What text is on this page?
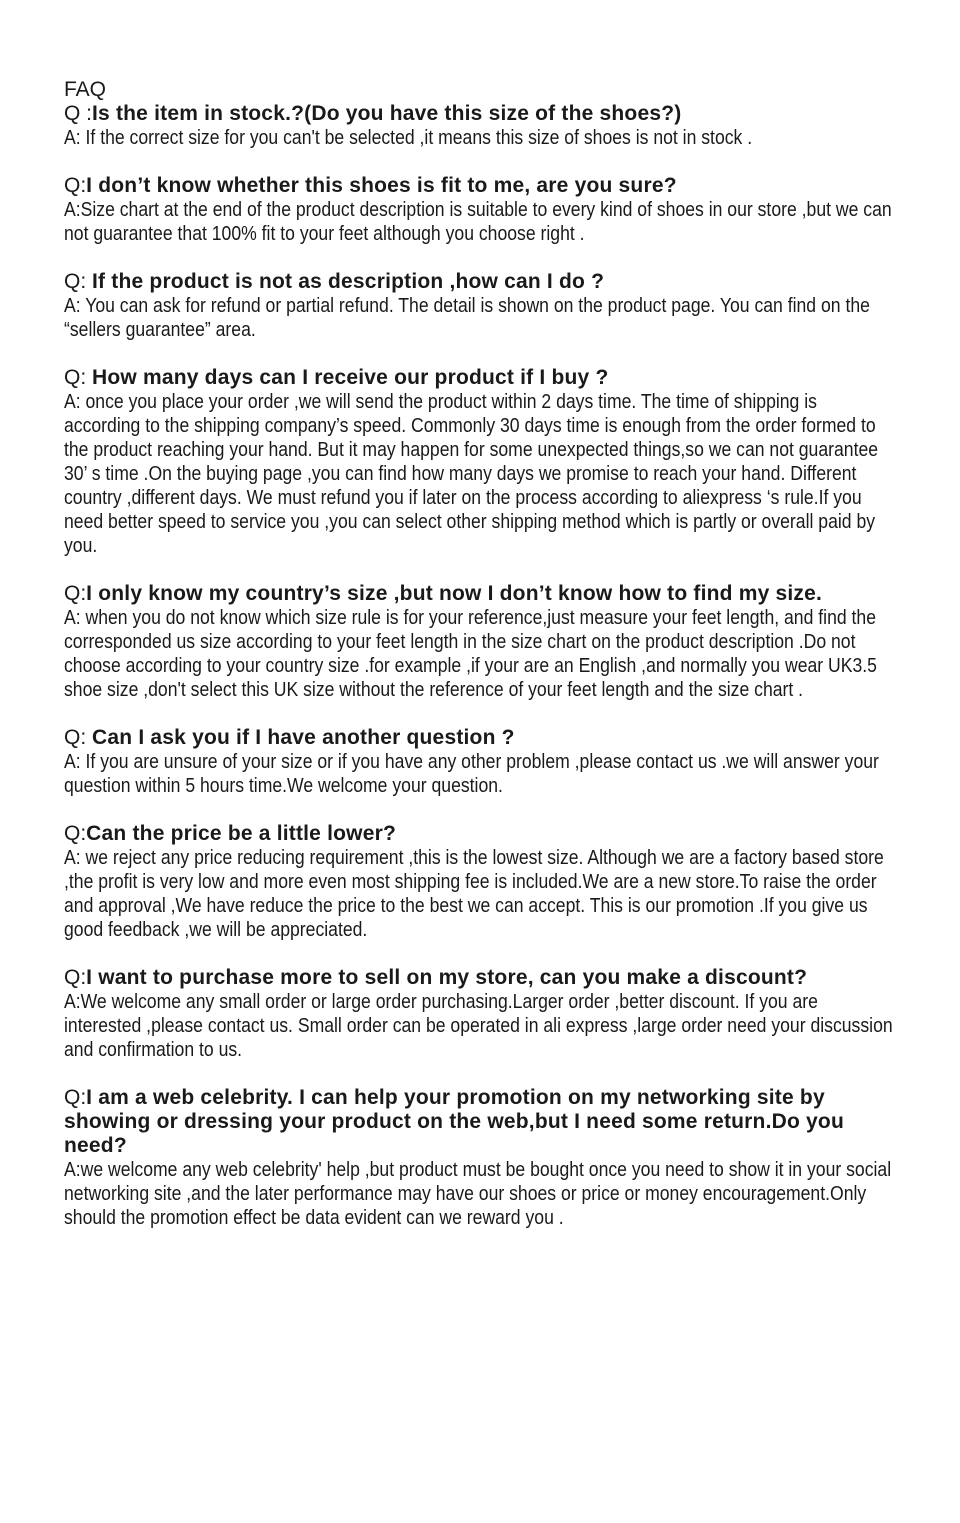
FAQ

Q :Is the item in stock.?(Do you have this size of the shoes?)

A: If the correct size for you can't be selected ,it means this size of shoes is not in stock .

Q:I don’t know whether this shoes is fit to me, are you sure?

A:Size chart at the end of the product description is suitable to every kind of shoes in our store ,but we can not guarantee that 100% fit to your feet although you choose right .

Q: If the product is not as description ,how can I do ?

A: You can ask for refund or partial refund. The detail is shown on the product page. You can find on the “sellers guarantee” area.

Q: How many days can I receive our product if I buy ?

A: once you place your order ,we will send the product within 2 days time. The time of shipping is according to the shipping company’s speed. Commonly 30 days time is enough from the order formed to the product reaching your hand. But it may happen for some unexpected things,so we can not guarantee 30’ s time .On the buying page ,you can find how many days we promise to reach your hand. Different country ,different days. We must refund you if later on the process according to aliexpress ‘s rule.If you need better speed to service you ,you can select other shipping method which is partly or overall paid by you.

Q:I only know my country’s size ,but now I don’t know how to find my size.

A: when you do not know which size rule is for your reference,just measure your feet length, and find the corresponded us size according to your feet length in the size chart on the product description .Do not choose according to your country size .for example ,if your are an English ,and normally you wear UK3.5 shoe size ,don't select this UK size without the reference of your feet length and the size chart .

Q: Can I ask you if I have another question ?

A: If you are unsure of your size or if you have any other problem ,please contact us .we will answer your question within 5 hours time.We welcome your question.

Q:Can the price be a little lower?

A: we reject any price reducing requirement ,this is the lowest size. Although we are a factory based store ,the profit is very low and more even most shipping fee is included.We are a new store.To raise the order and approval ,We have reduce the price to the best we can accept. This is our promotion .If you give us good feedback ,we will be appreciated.

Q:I want to purchase more to sell on my store, can you make a discount?

A:We welcome any small order or large order purchasing.Larger order ,better discount. If you are interested ,please contact us. Small order can be operated in ali express ,large order need your discussion and confirmation to us.

Q:I am a web celebrity. I can help your promotion on my networking site by showing or dressing your product on the web,but I need some return.Do you need?

A:we welcome any web celebrity' help ,but product must be bought once you need to show it in your social networking site ,and the later performance may have our shoes or price or money encouragement.Only should the promotion effect be data evident can we reward you .
